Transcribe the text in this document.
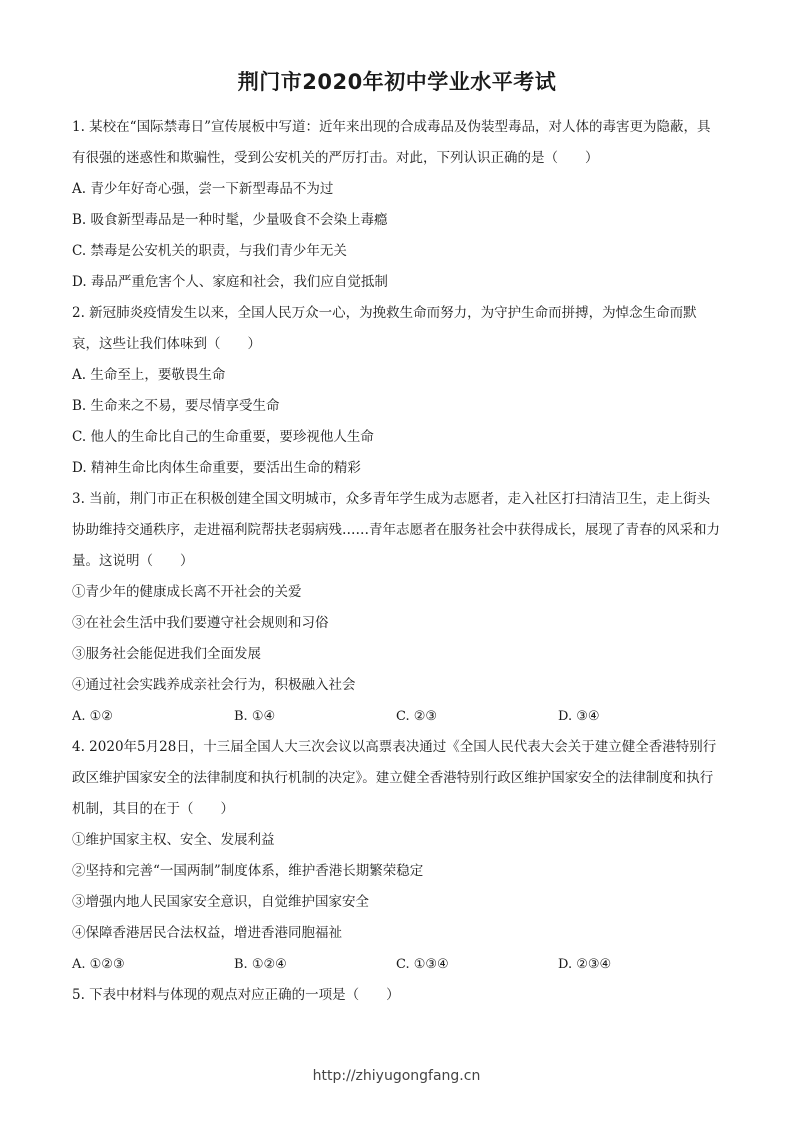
荆门市2020年初中学业水平考试
1. 某校在“国际禁毒日”宣传展板中写道：近年来出现的合成毒品及伪装型毒品，对人体的毒害更为隐蔽，具有很强的迷惑性和欺骗性，受到公安机关的严厉打击。对此，下列认识正确的是（　　）
A. 青少年好奇心强，尝一下新型毒品不为过
B. 吸食新型毒品是一种时髦，少量吸食不会染上毒瘾
C. 禁毒是公安机关的职责，与我们青少年无关
D. 毒品严重危害个人、家庭和社会，我们应自觉抵制
2. 新冠肺炎疫情发生以来，全国人民万众一心，为挽救生命而努力，为守护生命而拼搏，为悼念生命而默哀，这些让我们体味到（　　）
A. 生命至上，要敬畏生命
B. 生命来之不易，要尽情享受生命
C. 他人的生命比自己的生命重要，要珍视他人生命
D. 精神生命比肉体生命重要，要活出生命的精彩
3. 当前，荆门市正在积极创建全国文明城市，众多青年学生成为志愿者，走入社区打扫清洁卫生，走上街头协助维持交通秩序，走进福利院帮扶老弱病残……青年志愿者在服务社会中获得成长，展现了青春的风采和力量。这说明（　　）
①青少年的健康成长离不开社会的关爱
③在社会生活中我们要遵守社会规则和习俗
③服务社会能促进我们全面发展
④通过社会实践养成亲社会行为，积极融入社会
A. ①②	B. ①④	C. ②③	D. ③④
4. 2020年5月28日，十三届全国人大三次会议以高票表决通过《全国人民代表大会关于建立健全香港特别行政区维护国家安全的法律制度和执行机制的决定》。建立健全香港特别行政区维护国家安全的法律制度和执行机制，其目的在于（　　）
①维护国家主权、安全、发展利益
②坚持和完善“一国两制”制度体系，维护香港长期繁荣稳定
③增强内地人民国家安全意识，自觉维护国家安全
④保障香港居民合法权益，增进香港同胞福祉
A. ①②③	B. ①②④	C. ①③④	D. ②③④
5. 下表中材料与体现的观点对应正确的一项是（　　）
http://zhiyugongfang.cn
